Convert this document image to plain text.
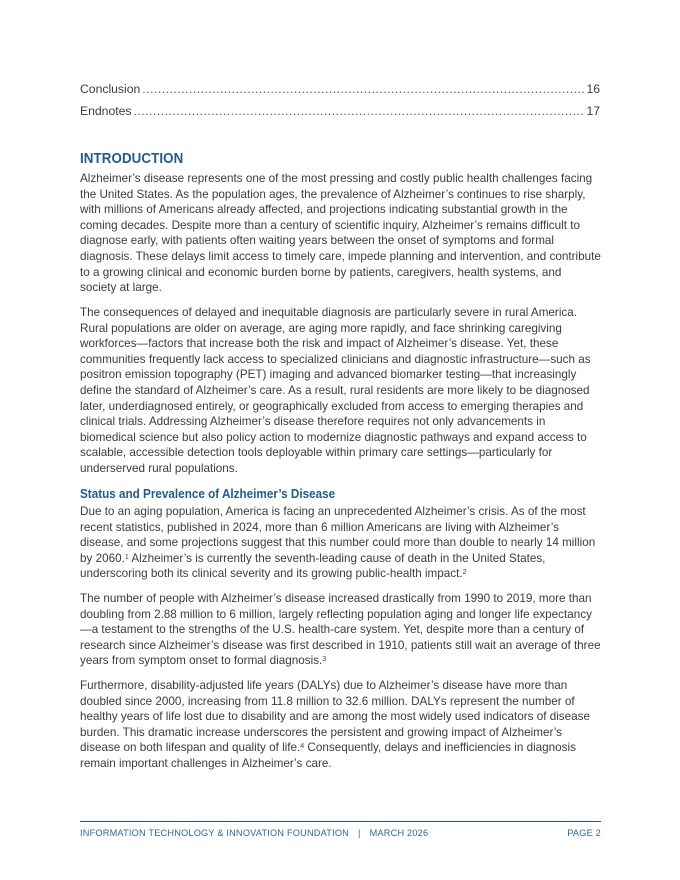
Conclusion .....	16
Endnotes .....	17
INTRODUCTION

Alzheimer’s disease represents one of the most pressing and costly public health challenges facing the United States. As the population ages, the prevalence of Alzheimer’s continues to rise sharply, with millions of Americans already affected, and projections indicating substantial growth in the coming decades. Despite more than a century of scientific inquiry, Alzheimer’s remains difficult to diagnose early, with patients often waiting years between the onset of symptoms and formal diagnosis. These delays limit access to timely care, impede planning and intervention, and contribute to a growing clinical and economic burden borne by patients, caregivers, health systems, and society at large.

The consequences of delayed and inequitable diagnosis are particularly severe in rural America. Rural populations are older on average, are aging more rapidly, and face shrinking caregiving workforces—factors that increase both the risk and impact of Alzheimer’s disease. Yet, these communities frequently lack access to specialized clinicians and diagnostic infrastructure—such as positron emission topography (PET) imaging and advanced biomarker testing—that increasingly define the standard of Alzheimer’s care. As a result, rural residents are more likely to be diagnosed later, underdiagnosed entirely, or geographically excluded from access to emerging therapies and clinical trials. Addressing Alzheimer’s disease therefore requires not only advancements in biomedical science but also policy action to modernize diagnostic pathways and expand access to scalable, accessible detection tools deployable within primary care settings—particularly for underserved rural populations.

Status and Prevalence of Alzheimer’s Disease

Due to an aging population, America is facing an unprecedented Alzheimer’s crisis. As of the most recent statistics, published in 2024, more than 6 million Americans are living with Alzheimer’s disease, and some projections suggest that this number could more than double to nearly 14 million by 2060.$^1$ Alzheimer’s is currently the seventh-leading cause of death in the United States, underscoring both its clinical severity and its growing public-health impact.$^2$

The number of people with Alzheimer’s disease increased drastically from 1990 to 2019, more than doubling from 2.88 million to 6 million, largely reflecting population aging and longer life expectancy—a testament to the strengths of the U.S. health-care system. Yet, despite more than a century of research since Alzheimer’s disease was first described in 1910, patients still wait an average of three years from symptom onset to formal diagnosis.$^3$

Furthermore, disability-adjusted life years (DALYs) due to Alzheimer’s disease have more than doubled since 2000, increasing from 11.8 million to 32.6 million. DALYs represent the number of healthy years of life lost due to disability and are among the most widely used indicators of disease burden. This dramatic increase underscores the persistent and growing impact of Alzheimer’s disease on both lifespan and quality of life.$^4$ Consequently, delays and inefficiencies in diagnosis remain important challenges in Alzheimer’s care.

INFORMATION TECHNOLOGY & INNOVATION FOUNDATION | MARCH 2026	PAGE 2
